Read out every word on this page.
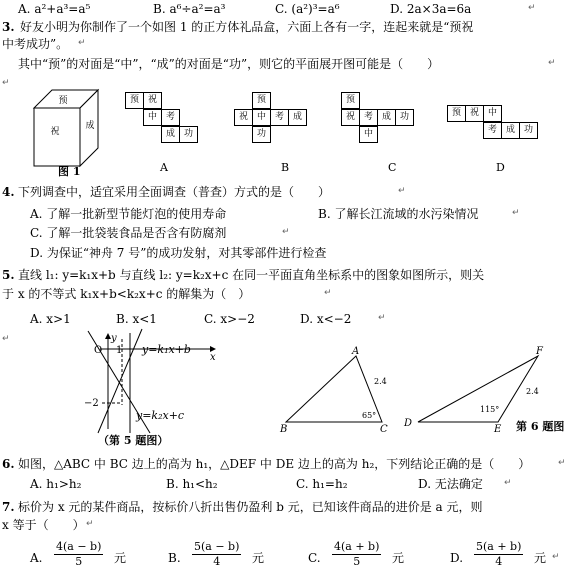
A. a²+a³=a⁵	B. a⁶÷a²=a³	C. (a²)³=a⁶	D. 2a×3a=6a	↵
3. 好友小明为你制作了一个如图 1 的正方体礼品盒，六面上各有一字，连起来就是“预祝
中考成功”。 ↵
其中“预”的对面是“中”，“成”的对面是“功”，则它的平面展开图可能是（　　）	↵
↵
预
祝
成
图 1
预 祝
中 考
成 功
A
预
祝 中 考 成
功
B
预
祝 考 成 功
中
C
预 祝 中
考 成 功
D
4. 下列调查中，适宜采用全面调查（普查）方式的是（　　）	↵
A. 了解一批新型节能灯泡的使用寿命	B. 了解长江流域的水污染情况	↵
C. 了解一批袋装食品是否含有防腐剂	↵
D. 为保证“神舟 7 号”的成功发射，对其零部件进行检查
5. 直线 l₁: y=k₁x+b 与直线 l₂: y=k₂x+c 在同一平面直角坐标系中的图象如图所示，则关
于 x 的不等式 k₁x+b<k₂x+c 的解集为（　）	↵
A. x>1	B. x<1	C. x>−2	D. x<−2	↵
↵
O 1
−2
y
x
y=k₁x+b
y=k₂x+c
（第 5 题图）
A
B	C
D
E
F
2.4
2.4
65°
115°
第 6 题图
6. 如图，△ABC 中 BC 边上的高为 h₁，△DEF 中 DE 边上的高为 h₂，下列结论正确的是（　　）	↵
A. h₁>h₂	B. h₁<h₂	C. h₁=h₂	D. 无法确定 ↵
7. 标价为 x 元的某件商品，按标价八折出售仍盈利 b 元，已知该件商品的进价是 a 元，则
x 等于（　　） ↵
A. $\frac{4(a - b)}{5}$ 元	B. $\frac{5(a - b)}{4}$ 元	C. $\frac{4(a + b)}{5}$ 元	D. $\frac{5(a + b)}{4}$ 元 ↵
